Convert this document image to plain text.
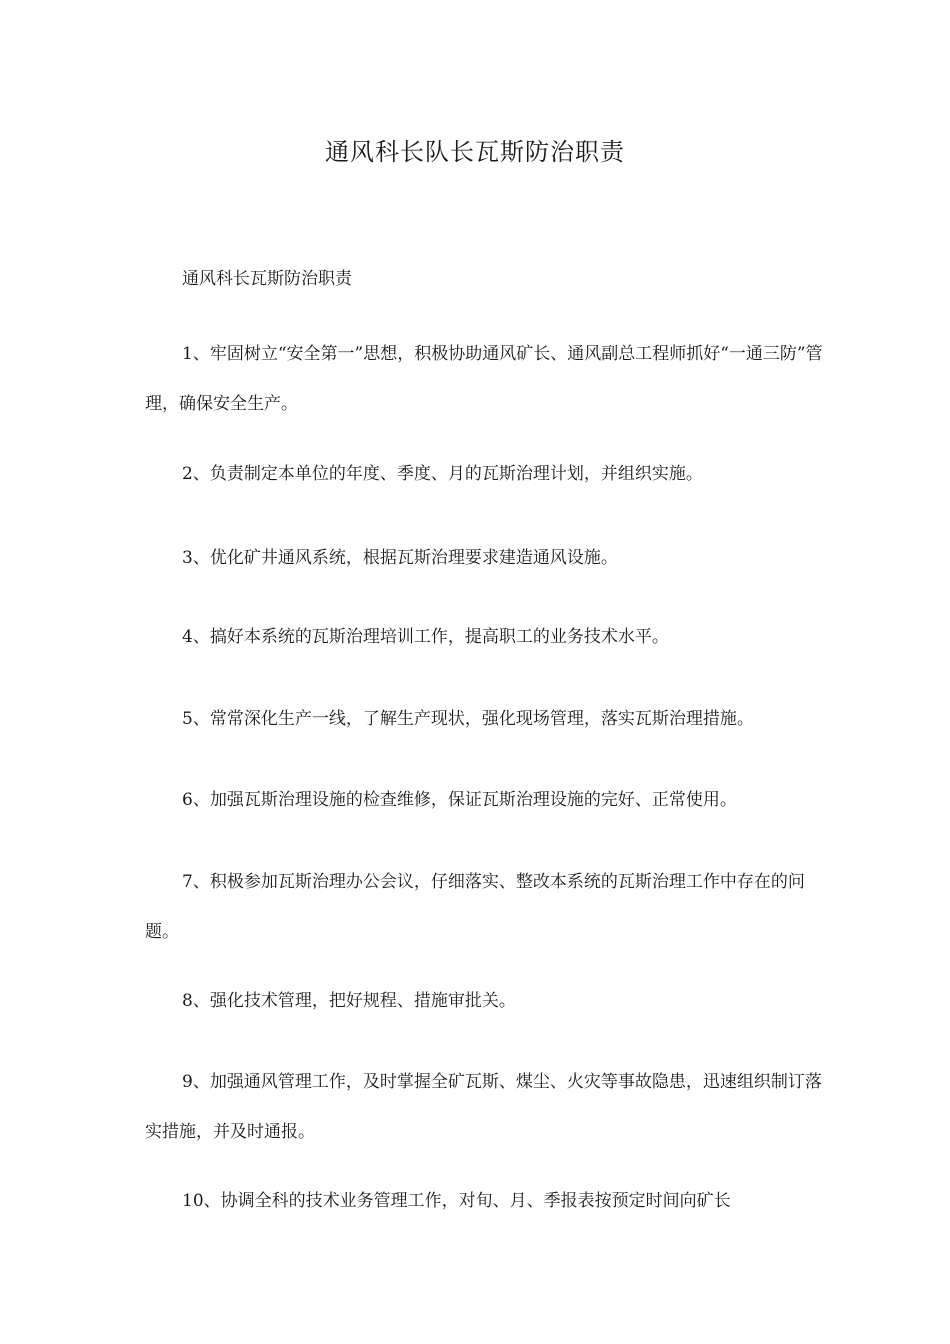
通风科长队长瓦斯防治职责
通风科长瓦斯防治职责

1、牢固树立“安全第一”思想，积极协助通风矿长、通风副总工程师抓好“一通三防”管理，确保安全生产。

2、负责制定本单位的年度、季度、月的瓦斯治理计划，并组织实施。

3、优化矿井通风系统，根据瓦斯治理要求建造通风设施。

4、搞好本系统的瓦斯治理培训工作，提高职工的业务技术水平。

5、常常深化生产一线，了解生产现状，强化现场管理，落实瓦斯治理措施。

6、加强瓦斯治理设施的检查维修，保证瓦斯治理设施的完好、正常使用。

7、积极参加瓦斯治理办公会议，仔细落实、整改本系统的瓦斯治理工作中存在的问题。

8、强化技术管理，把好规程、措施审批关。

9、加强通风管理工作，及时掌握全矿瓦斯、煤尘、火灾等事故隐患，迅速组织制订落实措施，并及时通报。

10、协调全科的技术业务管理工作，对旬、月、季报表按预定时间向矿长
